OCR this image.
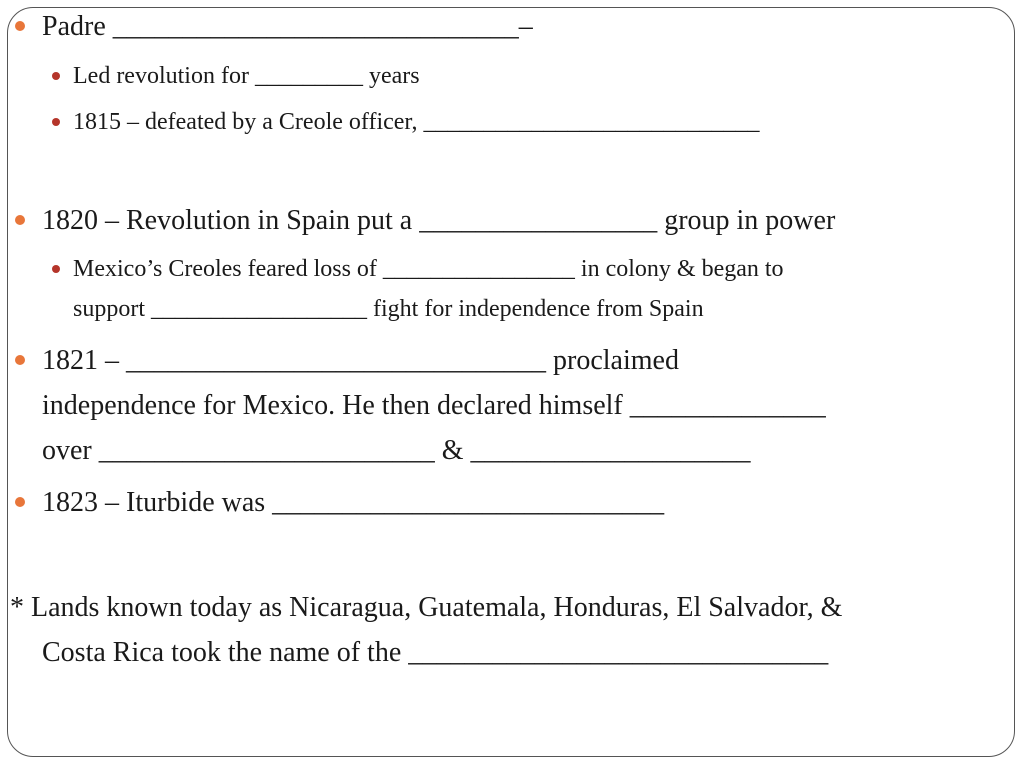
Padre _____________________________–
Led revolution for _________ years
1815 – defeated by a Creole officer, ____________________________
1820 – Revolution in Spain put a _________________ group in power
Mexico’s Creoles feared loss of ________________ in colony & began to
support __________________ fight for independence from Spain
1821 – ______________________________ proclaimed
independence for Mexico. He then declared himself ______________
over ________________________ & ____________________
1823 – Iturbide was ____________________________
* Lands known today as Nicaragua, Guatemala, Honduras, El Salvador, &
Costa Rica took the name of the ______________________________
